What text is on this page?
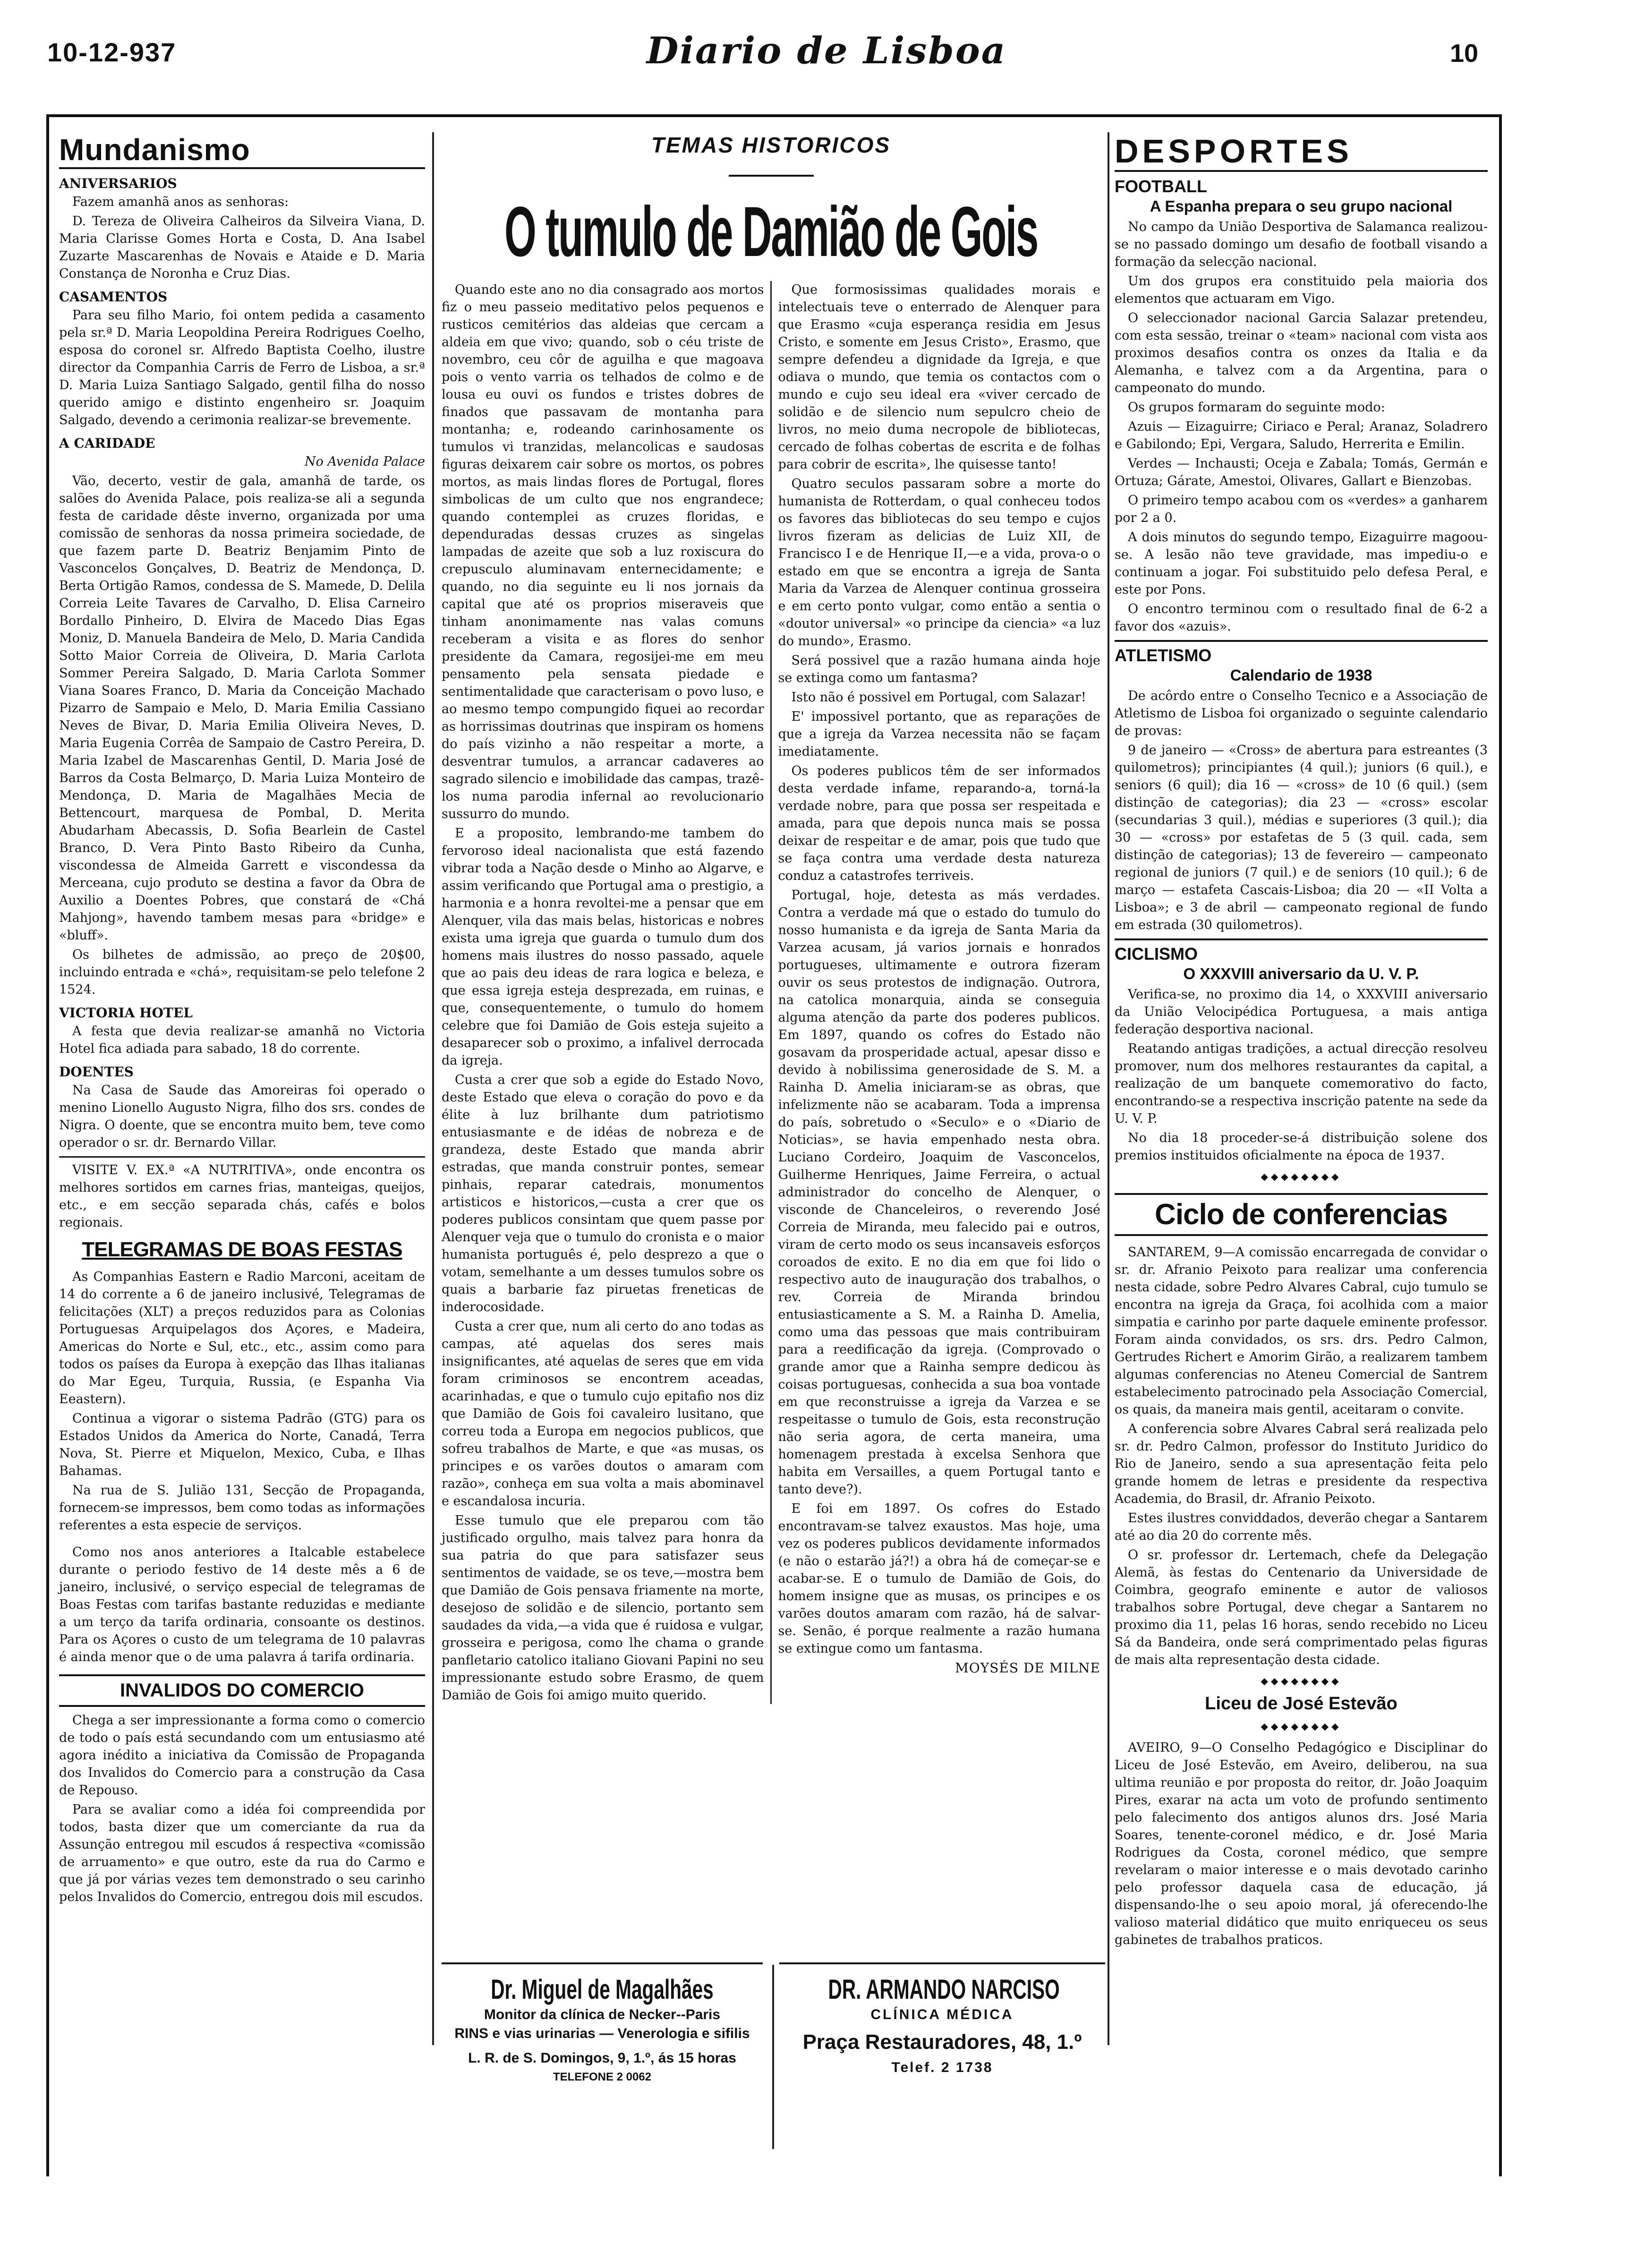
10-12-937	Diario de Lisboa	10
Mundanismo
ANIVERSARIOS

Fazem amanhã anos as senhoras:

D. Tereza de Oliveira Calheiros da Silveira Viana, D. Maria Clarisse Gomes Horta e Costa, D. Ana Isabel Zuzarte Mascarenhas de Novais e Ataide e D. Maria Constança de Noronha e Cruz Dias.

CASAMENTOS

Para seu filho Mario, foi ontem pedida a casamento pela sr.ª D. Maria Leopoldina Pereira Rodrigues Coelho, esposa do coronel sr. Alfredo Baptista Coelho, ilustre director da Companhia Carris de Ferro de Lisboa, a sr.ª D. Maria Luiza Santiago Salgado, gentil filha do nosso querido amigo e distinto engenheiro sr. Joaquim Salgado, devendo a cerimonia realizar-se brevemente.

A CARIDADE

No Avenida Palace

Vão, decerto, vestir de gala, amanhã de tarde, os salões do Avenida Palace, pois realiza-se ali a segunda festa de caridade dêste inverno, organizada por uma comissão de senhoras da nossa primeira sociedade, de que fazem parte D. Beatriz Benjamim Pinto de Vasconcelos Gonçalves, D. Beatriz de Mendonça, D. Berta Ortigão Ramos, condessa de S. Mamede, D. Delila Correia Leite Tavares de Carvalho, D. Elisa Carneiro Bordallo Pinheiro, D. Elvira de Macedo Dias Egas Moniz, D. Manuela Bandeira de Melo, D. Maria Candida Sotto Maior Correia de Oliveira, D. Maria Carlota Sommer Pereira Salgado, D. Maria Carlota Sommer Viana Soares Franco, D. Maria da Conceição Machado Pizarro de Sampaio e Melo, D. Maria Emilia Cassiano Neves de Bivar, D. Maria Emilia Oliveira Neves, D. Maria Eugenia Corrêa de Sampaio de Castro Pereira, D. Maria Izabel de Mascarenhas Gentil, D. Maria José de Barros da Costa Belmarço, D. Maria Luiza Monteiro de Mendonça, D. Maria de Magalhães Mecia de Bettencourt, marquesa de Pombal, D. Merita Abudarham Abecassis, D. Sofia Bearlein de Castel Branco, D. Vera Pinto Basto Ribeiro da Cunha, viscondessa de Almeida Garrett e viscondessa da Merceana, cujo produto se destina a favor da Obra de Auxilio a Doentes Pobres, que constará de «Chá Mahjong», havendo tambem mesas para «bridge» e «bluff».

Os bilhetes de admissão, ao preço de 20$00, incluindo entrada e «chá», requisitam-se pelo telefone 2 1524.

VICTORIA HOTEL

A festa que devia realizar-se amanhã no Victoria Hotel fica adiada para sabado, 18 do corrente.

DOENTES

Na Casa de Saude das Amoreiras foi operado o menino Lionello Augusto Nigra, filho dos srs. condes de Nigra. O doente, que se encontra muito bem, teve como operador o sr. dr. Bernardo Villar.

VISITE V. EX.ª «A NUTRITIVA», onde encontra os melhores sortidos em carnes frias, manteigas, queijos, etc., e em secção separada chás, cafés e bolos regionais.

TELEGRAMAS DE BOAS FESTAS

As Companhias Eastern e Radio Marconi, aceitam de 14 do corrente a 6 de janeiro inclusivé, Telegramas de felicitações (XLT) a preços reduzidos para as Colonias Portuguesas Arquipelagos dos Açores, e Madeira, Americas do Norte e Sul, etc., etc., assim como para todos os países da Europa à exepção das Ilhas italianas do Mar Egeu, Turquia, Russia, (e Espanha Via Eeastern).

Continua a vigorar o sistema Padrão (GTG) para os Estados Unidos da America do Norte, Canadá, Terra Nova, St. Pierre et Miquelon, Mexico, Cuba, e Ilhas Bahamas.

Na rua de S. Julião 131, Secção de Propaganda, fornecem-se impressos, bem como todas as informações referentes a esta especie de serviços.

Como nos anos anteriores a Italcable estabelece durante o periodo festivo de 14 deste mês a 6 de janeiro, inclusivé, o serviço especial de telegramas de Boas Festas com tarifas bastante reduzidas e mediante a um terço da tarifa ordinaria, consoante os destinos. Para os Açores o custo de um telegrama de 10 palavras é ainda menor que o de uma palavra á tarifa ordinaria.

INVALIDOS DO COMERCIO

Chega a ser impressionante a forma como o comercio de todo o país está secundando com um entusiasmo até agora inédito a iniciativa da Comissão de Propaganda dos Invalidos do Comercio para a construção da Casa de Repouso.

Para se avaliar como a idéa foi compreendida por todos, basta dizer que um comerciante da rua da Assunção entregou mil escudos á respectiva «comissão de arruamento» e que outro, este da rua do Carmo e que já por várias vezes tem demonstrado o seu carinho pelos Invalidos do Comercio, entregou dois mil escudos.

TEMAS HISTORICOS
O tumulo de Damião de Gois

Quando este ano no dia consagrado aos mortos fiz o meu passeio meditativo pelos pequenos e rusticos cemitérios das aldeias que cercam a aldeia em que vivo; quando, sob o céu triste de novembro, ceu côr de aguilha e que magoava pois o vento varria os telhados de colmo e de lousa eu ouvi os fundos e tristes dobres de finados que passavam de montanha para montanha; e, rodeando carinhosamente os tumulos vi tranzidas, melancolicas e saudosas figuras deixarem cair sobre os mortos, os pobres mortos, as mais lindas flores de Portugal, flores simbolicas de um culto que nos engrandece; quando contemplei as cruzes floridas, e dependuradas dessas cruzes as singelas lampadas de azeite que sob a luz roxiscura do crepusculo aluminavam enternecidamente; e quando, no dia seguinte eu li nos jornais da capital que até os proprios miseraveis que tinham anonimamente nas valas comuns receberam a visita e as flores do senhor presidente da Camara, regosijei-me em meu pensamento pela sensata piedade e sentimentalidade que caracterisam o povo luso, e ao mesmo tempo compungido fiquei ao recordar as horrissimas doutrinas que inspiram os homens do país vizinho a não respeitar a morte, a desventrar tumulos, a arrancar cadaveres ao sagrado silencio e imobilidade das campas, trazê-los numa parodia infernal ao revolucionario sussurro do mundo.

E a proposito, lembrando-me tambem do fervoroso ideal nacionalista que está fazendo vibrar toda a Nação desde o Minho ao Algarve, e assim verificando que Portugal ama o prestigio, a harmonia e a honra revoltei-me a pensar que em Alenquer, vila das mais belas, historicas e nobres exista uma igreja que guarda o tumulo dum dos homens mais ilustres do nosso passado, aquele que ao pais deu ideas de rara logica e beleza, e que essa igreja esteja desprezada, em ruinas, e que, consequentemente, o tumulo do homem celebre que foi Damião de Gois esteja sujeito a desaparecer sob o proximo, a infalivel derrocada da igreja.

Custa a crer que sob a egide do Estado Novo, deste Estado que eleva o coração do povo e da élite à luz brilhante dum patriotismo entusiasmante e de idéas de nobreza e de grandeza, deste Estado que manda abrir estradas, que manda construir pontes, semear pinhais, reparar catedrais, monumentos artisticos e historicos,—custa a crer que os poderes publicos consintam que quem passe por Alenquer veja que o tumulo do cronista e o maior humanista português é, pelo desprezo a que o votam, semelhante a um desses tumulos sobre os quais a barbarie faz piruetas freneticas de inderocosidade.

Custa a crer que, num ali certo do ano todas as campas, até aquelas dos seres mais insignificantes, até aquelas de seres que em vida foram criminosos se encontrem aceadas, acarinhadas, e que o tumulo cujo epitafio nos diz que Damião de Gois foi cavaleiro lusitano, que correu toda a Europa em negocios publicos, que sofreu trabalhos de Marte, e que «as musas, os principes e os varões doutos o amaram com razão», conheça em sua volta a mais abominavel e escandalosa incuria.

Esse tumulo que ele preparou com tão justificado orgulho, mais talvez para honra da sua patria do que para satisfazer seus sentimentos de vaidade, se os teve,—mostra bem que Damião de Gois pensava friamente na morte, desejoso de solidão e de silencio, portanto sem saudades da vida,—a vida que é ruidosa e vulgar, grosseira e perigosa, como lhe chama o grande panfletario catolico italiano Giovani Papini no seu impressionante estudo sobre Erasmo, de quem Damião de Gois foi amigo muito querido.

Que formosissimas qualidades morais e intelectuais teve o enterrado de Alenquer para que Erasmo «cuja esperança residia em Jesus Cristo, e somente em Jesus Cristo», Erasmo, que sempre defendeu a dignidade da Igreja, e que odiava o mundo, que temia os contactos com o mundo e cujo seu ideal era «viver cercado de solidão e de silencio num sepulcro cheio de livros, no meio duma necropole de bibliotecas, cercado de folhas cobertas de escrita e de folhas para cobrir de escrita», lhe quisesse tanto!

Quatro seculos passaram sobre a morte do humanista de Rotterdam, o qual conheceu todos os favores das bibliotecas do seu tempo e cujos livros fizeram as delicias de Luiz XII, de Francisco I e de Henrique II,—e a vida, prova-o o estado em que se encontra a igreja de Santa Maria da Varzea de Alenquer continua grosseira e em certo ponto vulgar, como então a sentia o «doutor universal» «o principe da ciencia» «a luz do mundo», Erasmo.

Será possivel que a razão humana ainda hoje se extinga como um fantasma?

Isto não é possivel em Portugal, com Salazar!

E' impossivel portanto, que as reparações de que a igreja da Varzea necessita não se façam imediatamente.

Os poderes publicos têm de ser informados desta verdade infame, reparando-a, torná-la verdade nobre, para que possa ser respeitada e amada, para que depois nunca mais se possa deixar de respeitar e de amar, pois que tudo que se faça contra uma verdade desta natureza conduz a catastrofes terriveis.

Portugal, hoje, detesta as más verdades. Contra a verdade má que o estado do tumulo do nosso humanista e da igreja de Santa Maria da Varzea acusam, já varios jornais e honrados portugueses, ultimamente e outrora fizeram ouvir os seus protestos de indignação. Outrora, na catolica monarquia, ainda se conseguia alguma atenção da parte dos poderes publicos. Em 1897, quando os cofres do Estado não gosavam da prosperidade actual, apesar disso e devido à nobilissima generosidade de S. M. a Rainha D. Amelia iniciaram-se as obras, que infelizmente não se acabaram. Toda a imprensa do país, sobretudo o «Seculo» e o «Diario de Noticias», se havia empenhado nesta obra. Luciano Cordeiro, Joaquim de Vasconcelos, Guilherme Henriques, Jaime Ferreira, o actual administrador do concelho de Alenquer, o visconde de Chanceleiros, o reverendo José Correia de Miranda, meu falecido pai e outros, viram de certo modo os seus incansaveis esforços coroados de exito. E no dia em que foi lido o respectivo auto de inauguração dos trabalhos, o rev. Correia de Miranda brindou entusiasticamente a S. M. a Rainha D. Amelia, como uma das pessoas que mais contribuiram para a reedificação da igreja. (Comprovado o grande amor que a Rainha sempre dedicou às coisas portuguesas, conhecida a sua boa vontade em que reconstruisse a igreja da Varzea e se respeitasse o tumulo de Gois, esta reconstrução não seria agora, de certa maneira, uma homenagem prestada à excelsa Senhora que habita em Versailles, a quem Portugal tanto e tanto deve?).

E foi em 1897. Os cofres do Estado encontravam-se talvez exaustos. Mas hoje, uma vez os poderes publicos devidamente informados (e não o estarão já?!) a obra há de começar-se e acabar-se. E o tumulo de Damião de Gois, do homem insigne que as musas, os principes e os varões doutos amaram com razão, há de salvar-se. Senão, é porque realmente a razão humana se extingue como um fantasma.

MOYSÉS DE MILNE
Dr. Miguel de Magalhães
Monitor da clínica de Necker--Paris
RINS e vias urinarias — Venerologia e sifilis
L. R. de S. Domingos, 9, 1.º, ás 15 horas
TELEFONE 2 0062
DR. ARMANDO NARCISO
CLÍNICA MÉDICA
Praça Restauradores, 48, 1.º
Telef. 2 1738
DESPORTES
FOOTBALL
A Espanha prepara o seu grupo nacional

No campo da União Desportiva de Salamanca realizou-se no passado domingo um desafio de football visando a formação da selecção nacional.

Um dos grupos era constituido pela maioria dos elementos que actuaram em Vigo.

O seleccionador nacional Garcia Salazar pretendeu, com esta sessão, treinar o «team» nacional com vista aos proximos desafios contra os onzes da Italia e da Alemanha, e talvez com a da Argentina, para o campeonato do mundo.

Os grupos formaram do seguinte modo:

Azuis — Eizaguirre; Ciriaco e Peral; Aranaz, Soladrero e Gabilondo; Epi, Vergara, Saludo, Herrerita e Emilin.

Verdes — Inchausti; Oceja e Zabala; Tomás, Germán e Ortuza; Gárate, Amestoi, Olivares, Gallart e Bienzobas.

O primeiro tempo acabou com os «verdes» a ganharem por 2 a 0.

A dois minutos do segundo tempo, Eizaguirre magoou-se. A lesão não teve gravidade, mas impediu-o e continuam a jogar. Foi substituido pelo defesa Peral, e este por Pons.

O encontro terminou com o resultado final de 6-2 a favor dos «azuis».

ATLETISMO
Calendario de 1938

De acôrdo entre o Conselho Tecnico e a Associação de Atletismo de Lisboa foi organizado o seguinte calendario de provas:

9 de janeiro — «Cross» de abertura para estreantes (3 quilometros); principiantes (4 quil.); juniors (6 quil.), e seniors (6 quil); dia 16 — «cross» de 10 (6 quil.) (sem distinção de categorias); dia 23 — «cross» escolar (secundarias 3 quil.), médias e superiores (3 quil.); dia 30 — «cross» por estafetas de 5 (3 quil. cada, sem distinção de categorias); 13 de fevereiro — campeonato regional de juniors (7 quil.) e de seniors (10 quil.); 6 de março — estafeta Cascais-Lisboa; dia 20 — «II Volta a Lisboa»; e 3 de abril — campeonato regional de fundo em estrada (30 quilometros).

CICLISMO
O XXXVIII aniversario da U. V. P.

Verifica-se, no proximo dia 14, o XXXVIII aniversario da União Velocipédica Portuguesa, a mais antiga federação desportiva nacional.

Reatando antigas tradições, a actual direcção resolveu promover, num dos melhores restaurantes da capital, a realização de um banquete comemorativo do facto, encontrando-se a respectiva inscrição patente na sede da U. V. P.

No dia 18 proceder-se-á distribuição solene dos premios instituidos oficialmente na época de 1937.

◆◆◆◆◆◆◆◆
Ciclo de conferencias

SANTAREM, 9—A comissão encarregada de convidar o sr. dr. Afranio Peixoto para realizar uma conferencia nesta cidade, sobre Pedro Alvares Cabral, cujo tumulo se encontra na igreja da Graça, foi acolhida com a maior simpatia e carinho por parte daquele eminente professor. Foram ainda convidados, os srs. drs. Pedro Calmon, Gertrudes Richert e Amorim Girão, a realizarem tambem algumas conferencias no Ateneu Comercial de Santrem estabelecimento patrocinado pela Associação Comercial, os quais, da maneira mais gentil, aceitaram o convite.

A conferencia sobre Alvares Cabral será realizada pelo sr. dr. Pedro Calmon, professor do Instituto Juridico do Rio de Janeiro, sendo a sua apresentação feita pelo grande homem de letras e presidente da respectiva Academia, do Brasil, dr. Afranio Peixoto.

Estes ilustres conviddados, deverão chegar a Santarem até ao dia 20 do corrente mês.

O sr. professor dr. Lertemach, chefe da Delegação Alemã, às festas do Centenario da Universidade de Coimbra, geografo eminente e autor de valiosos trabalhos sobre Portugal, deve chegar a Santarem no proximo dia 11, pelas 16 horas, sendo recebido no Liceu Sá da Bandeira, onde será comprimentado pelas figuras de mais alta representação desta cidade.

◆◆◆◆◆◆◆◆
Liceu de José Estevão
◆◆◆◆◆◆◆◆

AVEIRO, 9—O Conselho Pedagógico e Disciplinar do Liceu de José Estevão, em Aveiro, deliberou, na sua ultima reunião e por proposta do reitor, dr. João Joaquim Pires, exarar na acta um voto de profundo sentimento pelo falecimento dos antigos alunos drs. José Maria Soares, tenente-coronel médico, e dr. José Maria Rodrigues da Costa, coronel médico, que sempre revelaram o maior interesse e o mais devotado carinho pelo professor daquela casa de educação, já dispensando-lhe o seu apoio moral, já oferecendo-lhe valioso material didático que muito enriqueceu os seus gabinetes de trabalhos praticos.
